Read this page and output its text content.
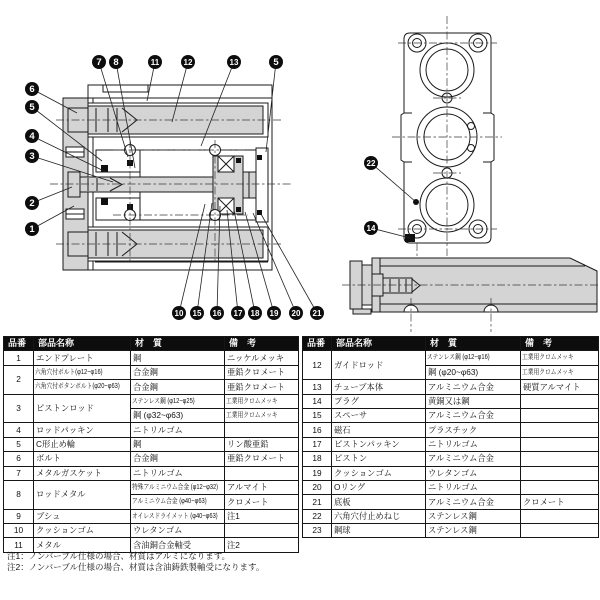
7 8	11	12	13	5
6
5
4
3
2
1
10 15 16 17 18 19 20 21
22
14
品番	部品名称	材　質	備　考
1	エンドプレート	鋼	ニッケルメッキ
2	六角穴付ボルト(φ12~φ16)	合金鋼	亜鉛クロメート
	六角穴付ボタンボルト(φ20~φ63)	合金鋼	亜鉛クロメート
3	ピストンロッド	ステンレス鋼 (φ12~φ25)	工業用クロムメッキ
		鋼 (φ32~φ63)	工業用クロムメッキ
4	ロッドパッキン	ニトリルゴム	
5	C形止め輪	鋼	リン酸亜鉛
6	ボルト	合金鋼	亜鉛クロメート
7	メタルガスケット	ニトリルゴム	
8	ロッドメタル	特殊アルミニウム合金 (φ12~φ32)	アルマイト
		アルミニウム合金 (φ40~φ63)	クロメート
9	ブシュ	オイレスドライメット (φ40~φ63)	注1
10	クッションゴム	ウレタンゴム	
11	メタル	含油銅合金軸受	注2
品番	部品名称	材　質	備　考
12	ガイドロッド	ステンレス鋼 (φ12~φ16)	工業用クロムメッキ
		鋼 (φ20~φ63)	工業用クロムメッキ
13	チューブ本体	アルミニウム合金	硬質アルマイト
14	プラグ	黄銅又は鋼	
15	スペーサ	アルミニウム合金	
16	磁石	プラスチック	
17	ピストンパッキン	ニトリルゴム	
18	ピストン	アルミニウム合金	
19	クッションゴム	ウレタンゴム	
20	Oリング	ニトリルゴム	
21	底板	アルミニウム合金	クロメート
22	六角穴付止めねじ	ステンレス鋼	
23	鋼球	ステンレス鋼	
注1：ノンバーブル仕様の場合、材質はアルミになります。
注2：ノンバーブル仕様の場合、材質は含油鋳鉄製軸受になります。
